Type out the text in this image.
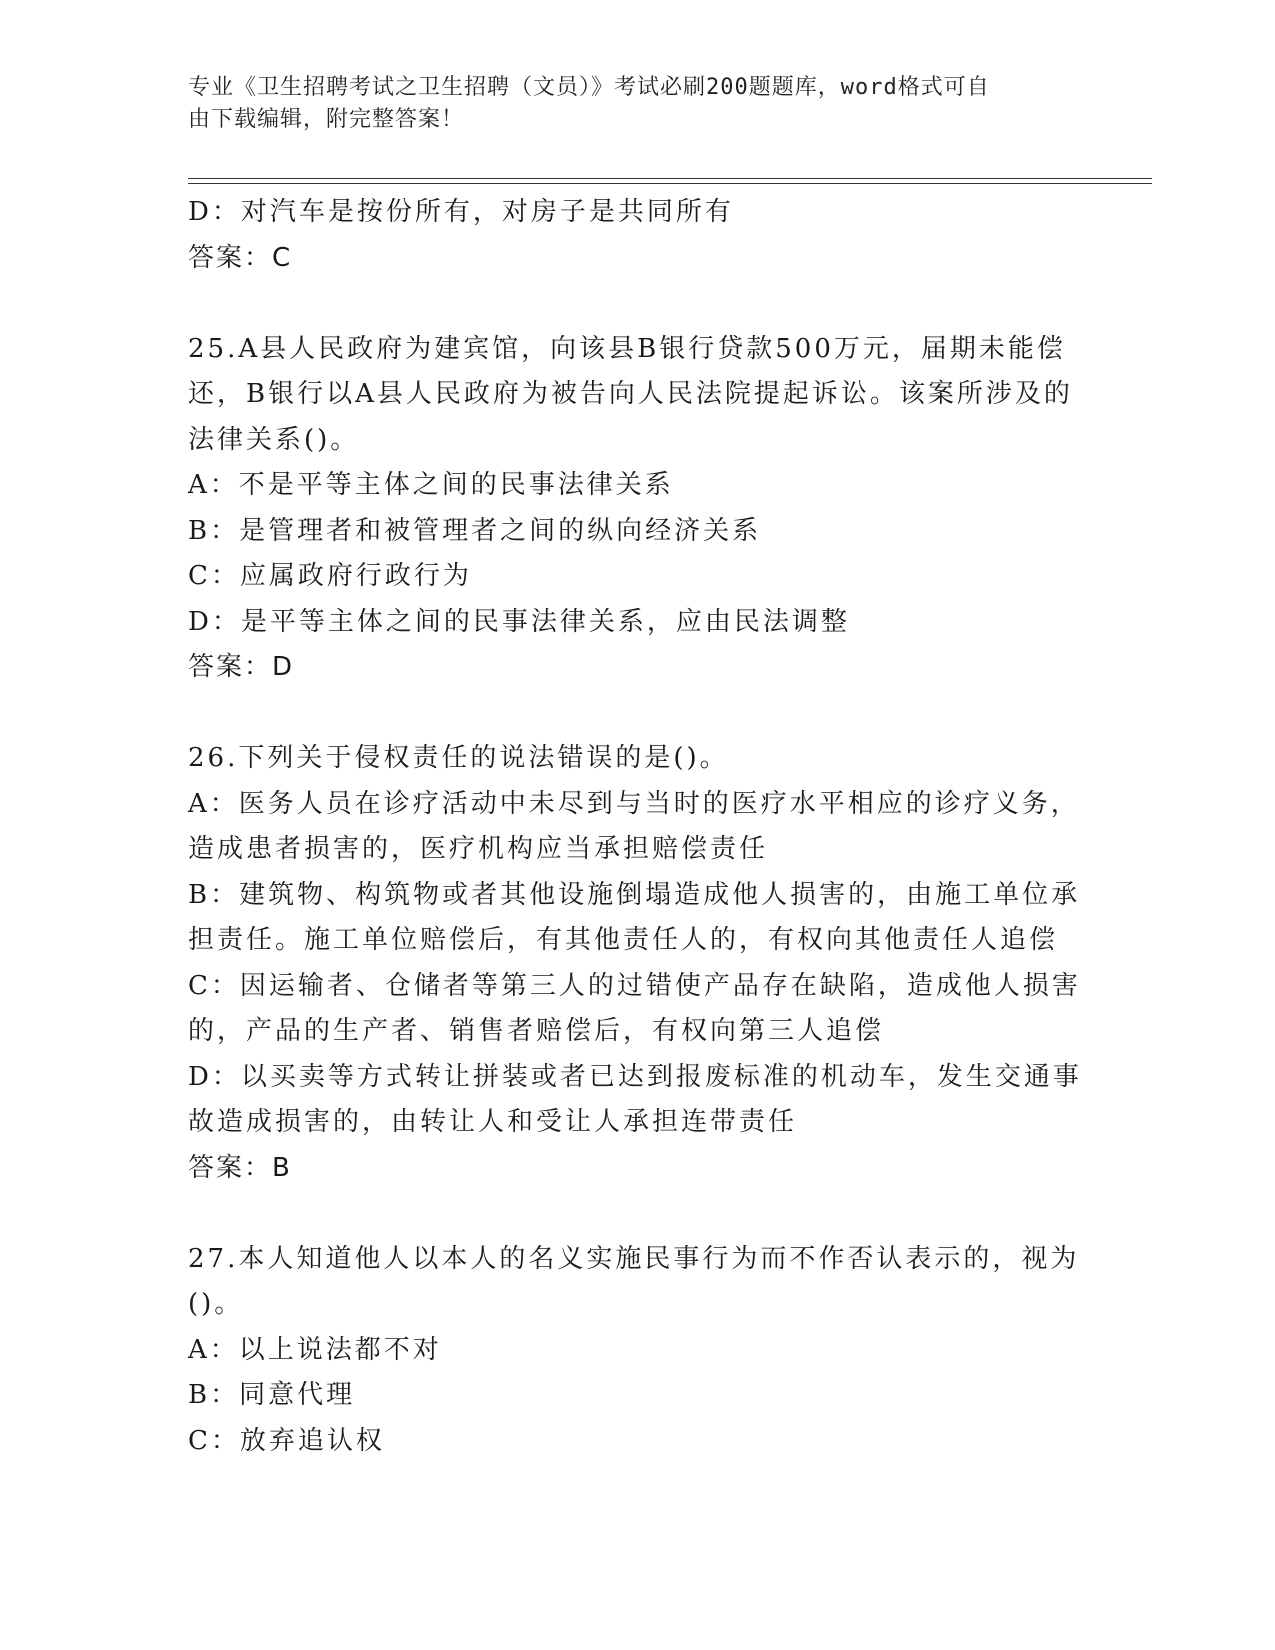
专业《卫生招聘考试之卫生招聘（文员）》考试必刷200题题库，word格式可自
由下载编辑，附完整答案！
D：对汽车是按份所有，对房子是共同所有
答案：C
25.A县人民政府为建宾馆，向该县B银行贷款500万元，届期未能偿
还，B银行以A县人民政府为被告向人民法院提起诉讼。该案所涉及的
法律关系()。
A：不是平等主体之间的民事法律关系
B：是管理者和被管理者之间的纵向经济关系
C：应属政府行政行为
D：是平等主体之间的民事法律关系，应由民法调整
答案：D
26.下列关于侵权责任的说法错误的是()。
A：医务人员在诊疗活动中未尽到与当时的医疗水平相应的诊疗义务，
造成患者损害的，医疗机构应当承担赔偿责任
B：建筑物、构筑物或者其他设施倒塌造成他人损害的，由施工单位承
担责任。施工单位赔偿后，有其他责任人的，有权向其他责任人追偿
C：因运输者、仓储者等第三人的过错使产品存在缺陷，造成他人损害
的，产品的生产者、销售者赔偿后，有权向第三人追偿
D：以买卖等方式转让拼装或者已达到报废标准的机动车，发生交通事
故造成损害的，由转让人和受让人承担连带责任
答案：B
27.本人知道他人以本人的名义实施民事行为而不作否认表示的，视为
()。
A：以上说法都不对
B：同意代理
C：放弃追认权
